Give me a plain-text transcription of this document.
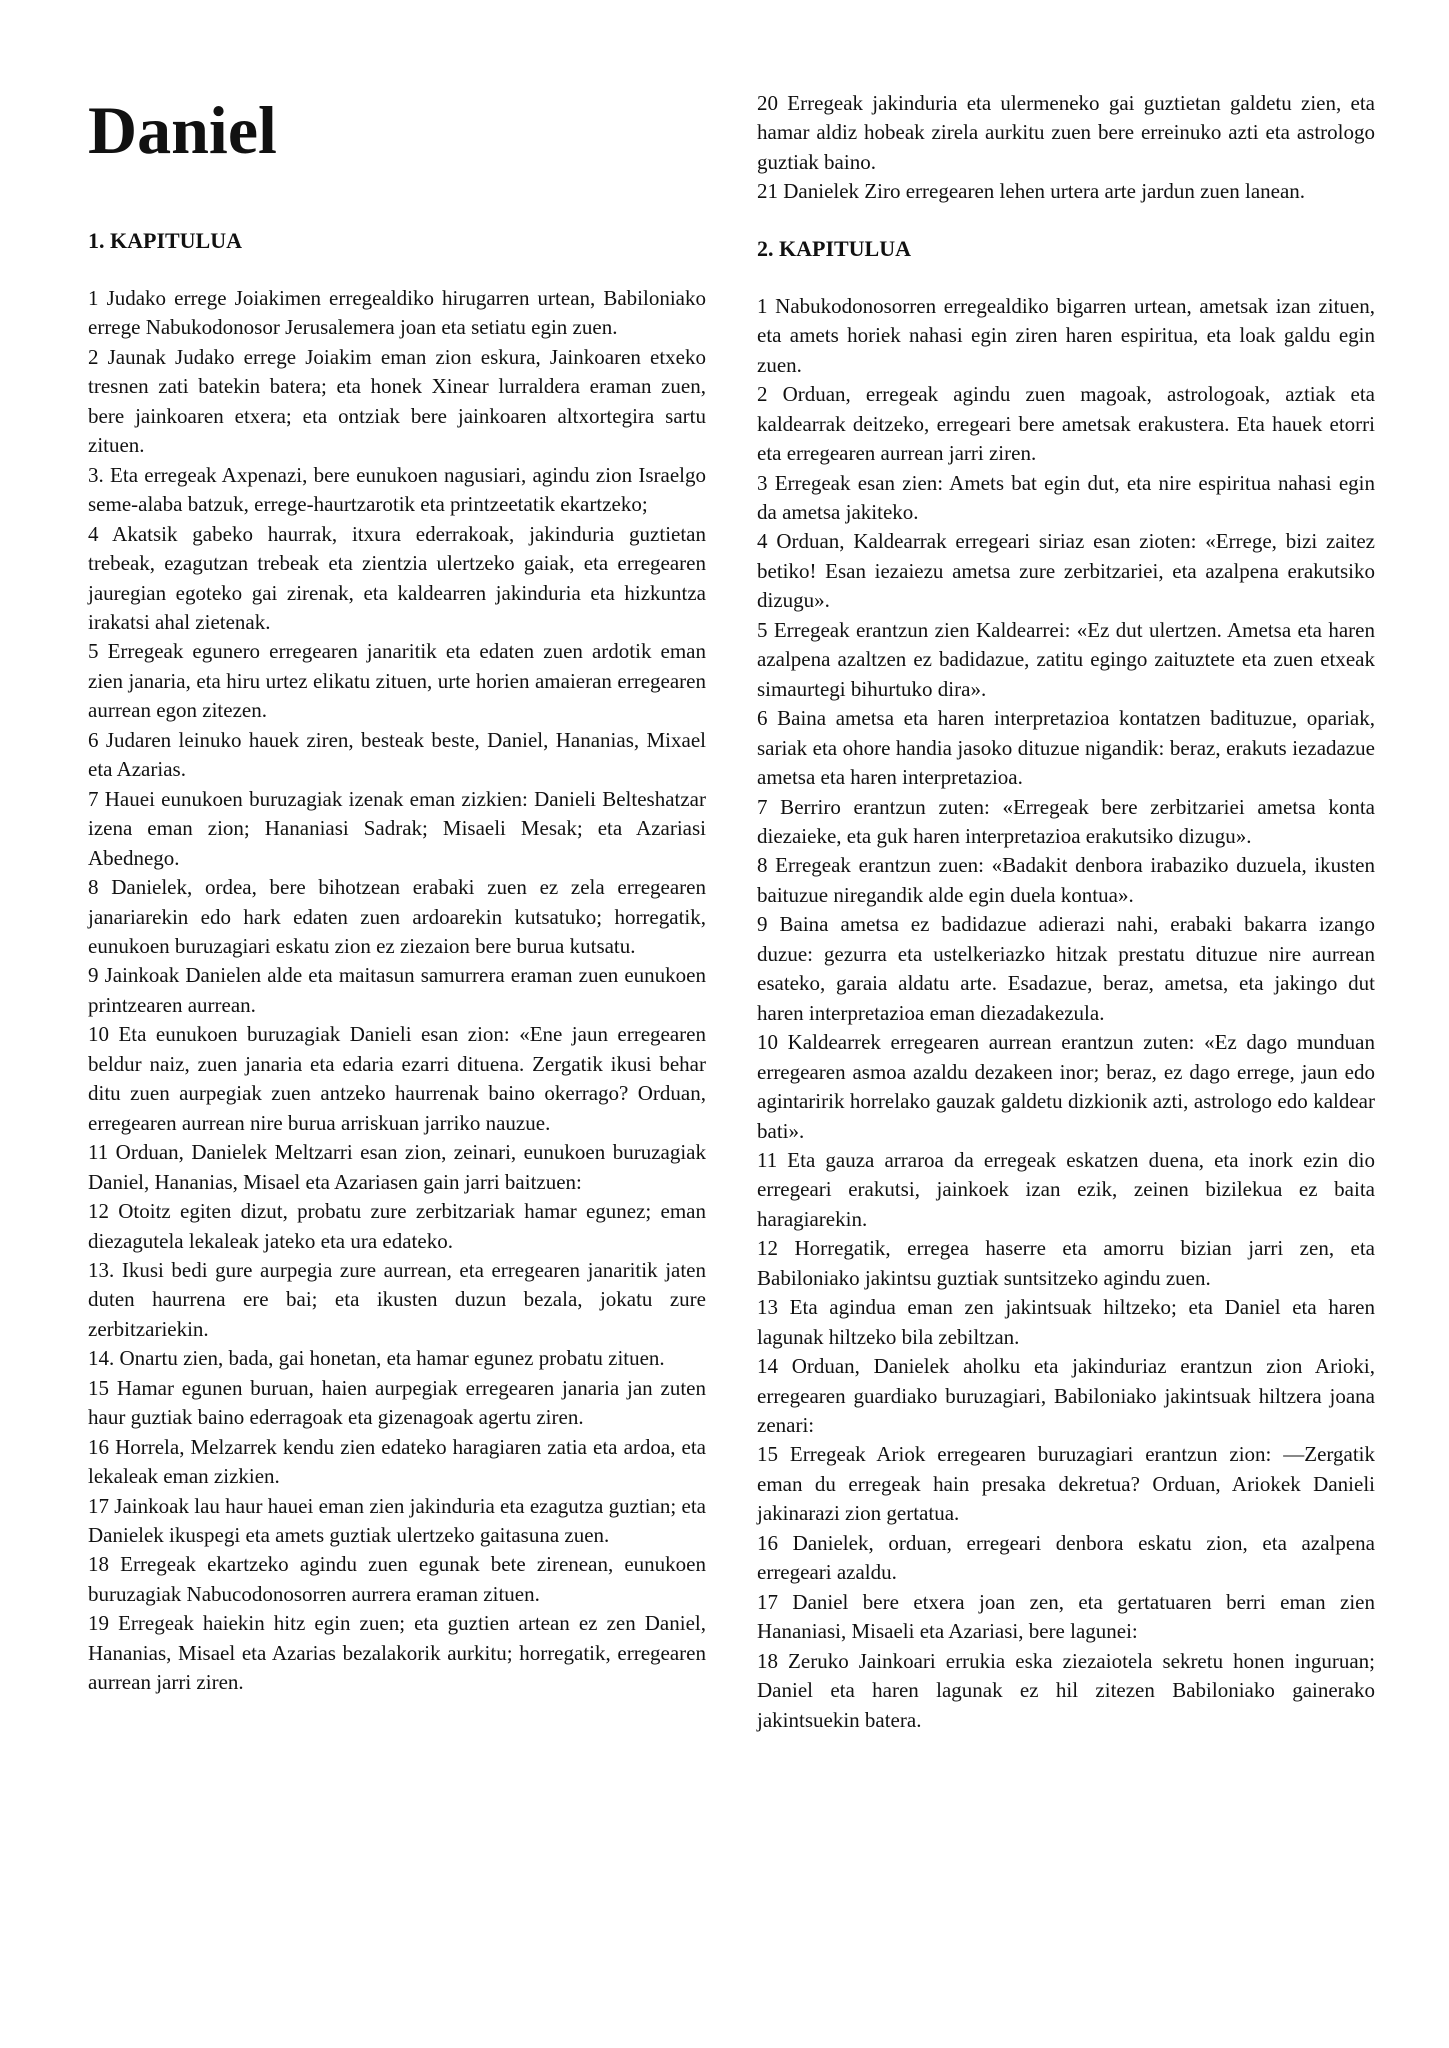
Daniel

1. KAPITULUA

1 Judako errege Joiakimen erregealdiko hirugarren urtean, Babiloniako errege Nabukodonosor Jerusalemera joan eta setiatu egin zuen.

2 Jaunak Judako errege Joiakim eman zion eskura, Jainkoaren etxeko tresnen zati batekin batera; eta honek Xinear lurraldera eraman zuen, bere jainkoaren etxera; eta ontziak bere jainkoaren altxortegira sartu zituen.

3. Eta erregeak Axpenazi, bere eunukoen nagusiari, agindu zion Israelgo seme-alaba batzuk, errege-haurtzarotik eta printzeetatik ekartzeko;

4 Akatsik gabeko haurrak, itxura ederrakoak, jakinduria guztietan trebeak, ezagutzan trebeak eta zientzia ulertzeko gaiak, eta erregearen jauregian egoteko gai zirenak, eta kaldearren jakinduria eta hizkuntza irakatsi ahal zietenak.

5 Erregeak egunero erregearen janaritik eta edaten zuen ardotik eman zien janaria, eta hiru urtez elikatu zituen, urte horien amaieran erregearen aurrean egon zitezen.

6 Judaren leinuko hauek ziren, besteak beste, Daniel, Hananias, Mixael eta Azarias.

7 Hauei eunukoen buruzagiak izenak eman zizkien: Danieli Belteshatzar izena eman zion; Hananiasi Sadrak; Misaeli Mesak; eta Azariasi Abednego.

8 Danielek, ordea, bere bihotzean erabaki zuen ez zela erregearen janariarekin edo hark edaten zuen ardoarekin kutsatuko; horregatik, eunukoen buruzagiari eskatu zion ez ziezaion bere burua kutsatu.

9 Jainkoak Danielen alde eta maitasun samurrera eraman zuen eunukoen printzearen aurrean.

10 Eta eunukoen buruzagiak Danieli esan zion: «Ene jaun erregearen beldur naiz, zuen janaria eta edaria ezarri dituena. Zergatik ikusi behar ditu zuen aurpegiak zuen antzeko haurrenak baino okerrago? Orduan, erregearen aurrean nire burua arriskuan jarriko nauzue.

11 Orduan, Danielek Meltzarri esan zion, zeinari, eunukoen buruzagiak Daniel, Hananias, Misael eta Azariasen gain jarri baitzuen:

12 Otoitz egiten dizut, probatu zure zerbitzariak hamar egunez; eman diezagutela lekaleak jateko eta ura edateko.

13. Ikusi bedi gure aurpegia zure aurrean, eta erregearen janaritik jaten duten haurrena ere bai; eta ikusten duzun bezala, jokatu zure zerbitzariekin.

14. Onartu zien, bada, gai honetan, eta hamar egunez probatu zituen.

15 Hamar egunen buruan, haien aurpegiak erregearen janaria jan zuten haur guztiak baino ederragoak eta gizenagoak agertu ziren.

16 Horrela, Melzarrek kendu zien edateko haragiaren zatia eta ardoa, eta lekaleak eman zizkien.

17 Jainkoak lau haur hauei eman zien jakinduria eta ezagutza guztian; eta Danielek ikuspegi eta amets guztiak ulertzeko gaitasuna zuen.

18 Erregeak ekartzeko agindu zuen egunak bete zirenean, eunukoen buruzagiak Nabucodonosorren aurrera eraman zituen.

19 Erregeak haiekin hitz egin zuen; eta guztien artean ez zen Daniel, Hananias, Misael eta Azarias bezalakorik aurkitu; horregatik, erregearen aurrean jarri ziren.

20 Erregeak jakinduria eta ulermeneko gai guztietan galdetu zien, eta hamar aldiz hobeak zirela aurkitu zuen bere erreinuko azti eta astrologo guztiak baino.

21 Danielek Ziro erregearen lehen urtera arte jardun zuen lanean.

2. KAPITULUA

1 Nabukodonosorren erregealdiko bigarren urtean, ametsak izan zituen, eta amets horiek nahasi egin ziren haren espiritua, eta loak galdu egin zuen.

2 Orduan, erregeak agindu zuen magoak, astrologoak, aztiak eta kaldearrak deitzeko, erregeari bere ametsak erakustera. Eta hauek etorri eta erregearen aurrean jarri ziren.

3 Erregeak esan zien: Amets bat egin dut, eta nire espiritua nahasi egin da ametsa jakiteko.

4 Orduan, Kaldearrak erregeari siriaz esan zioten: «Errege, bizi zaitez betiko! Esan iezaiezu ametsa zure zerbitzariei, eta azalpena erakutsiko dizugu».

5 Erregeak erantzun zien Kaldearrei: «Ez dut ulertzen. Ametsa eta haren azalpena azaltzen ez badidazue, zatitu egingo zaituztete eta zuen etxeak simaurtegi bihurtuko dira».

6 Baina ametsa eta haren interpretazioa kontatzen badituzue, opariak, sariak eta ohore handia jasoko dituzue nigandik: beraz, erakuts iezadazue ametsa eta haren interpretazioa.

7 Berriro erantzun zuten: «Erregeak bere zerbitzariei ametsa konta diezaieke, eta guk haren interpretazioa erakutsiko dizugu».

8 Erregeak erantzun zuen: «Badakit denbora irabaziko duzuela, ikusten baituzue niregandik alde egin duela kontua».

9 Baina ametsa ez badidazue adierazi nahi, erabaki bakarra izango duzue: gezurra eta ustelkeriazko hitzak prestatu dituzue nire aurrean esateko, garaia aldatu arte. Esadazue, beraz, ametsa, eta jakingo dut haren interpretazioa eman diezadakezula.

10 Kaldearrek erregearen aurrean erantzun zuten: «Ez dago munduan erregearen asmoa azaldu dezakeen inor; beraz, ez dago errege, jaun edo agintaririk horrelako gauzak galdetu dizkionik azti, astrologo edo kaldear bati».

11 Eta gauza arraroa da erregeak eskatzen duena, eta inork ezin dio erregeari erakutsi, jainkoek izan ezik, zeinen bizilekua ez baita haragiarekin.

12 Horregatik, erregea haserre eta amorru bizian jarri zen, eta Babiloniako jakintsu guztiak suntsitzeko agindu zuen.

13 Eta agindua eman zen jakintsuak hiltzeko; eta Daniel eta haren lagunak hiltzeko bila zebiltzan.

14 Orduan, Danielek aholku eta jakinduriaz erantzun zion Arioki, erregearen guardiako buruzagiari, Babiloniako jakintsuak hiltzera joana zenari:

15 Erregeak Ariok erregearen buruzagiari erantzun zion: —Zergatik eman du erregeak hain presaka dekretua? Orduan, Ariokek Danieli jakinarazi zion gertatua.

16 Danielek, orduan, erregeari denbora eskatu zion, eta azalpena erregeari azaldu.

17 Daniel bere etxera joan zen, eta gertatuaren berri eman zien Hananiasi, Misaeli eta Azariasi, bere lagunei:

18 Zeruko Jainkoari errukia eska ziezaiotela sekretu honen inguruan; Daniel eta haren lagunak ez hil zitezen Babiloniako gainerako jakintsuekin batera.
